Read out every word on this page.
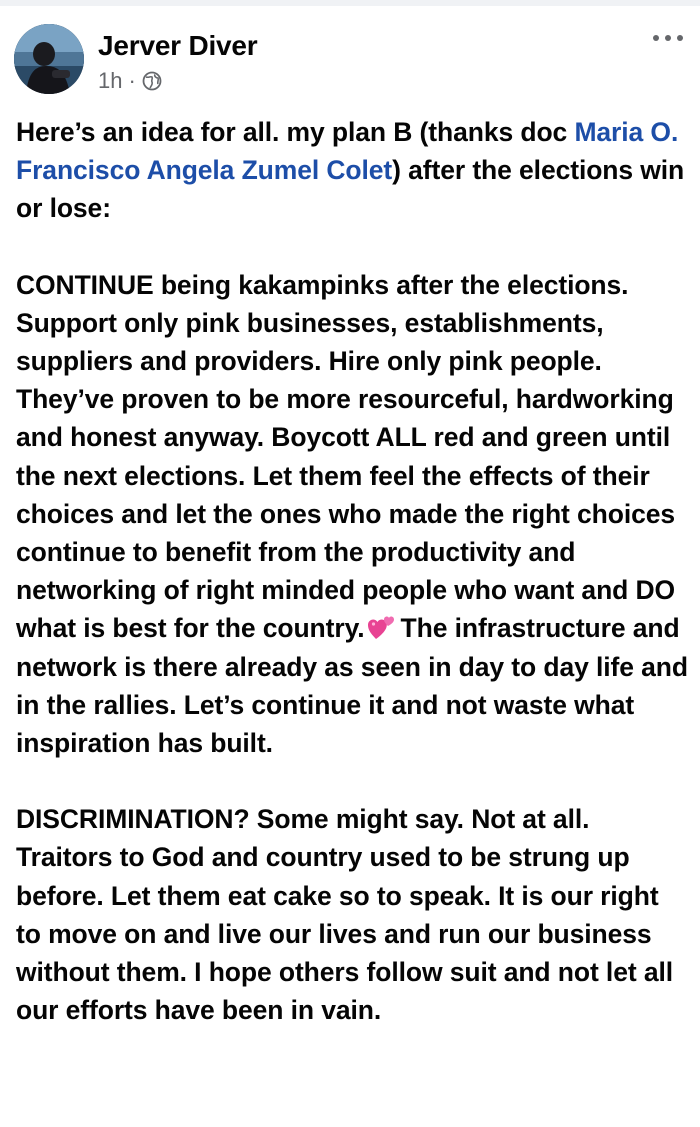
Jerver Diver
1h ·

Here’s an idea for all. my plan B (thanks doc Maria O. Francisco Angela Zumel Colet) after the elections win or lose:

CONTINUE being kakampinks after the elections. Support only pink businesses, establishments, suppliers and providers. Hire only pink people. They’ve proven to be more resourceful, hardworking and honest anyway. Boycott ALL red and green until the next elections. Let them feel the effects of their choices and let the ones who made the right choices continue to benefit from the productivity and networking of right minded people who want and DO what is best for the country. The infrastructure and network is there already as seen in day to day life and in the rallies. Let’s continue it and not waste what inspiration has built.

DISCRIMINATION? Some might say. Not at all. Traitors to God and country used to be strung up before. Let them eat cake so to speak. It is our right to move on and live our lives and run our business without them. I hope others follow suit and not let all our efforts have been in vain.
